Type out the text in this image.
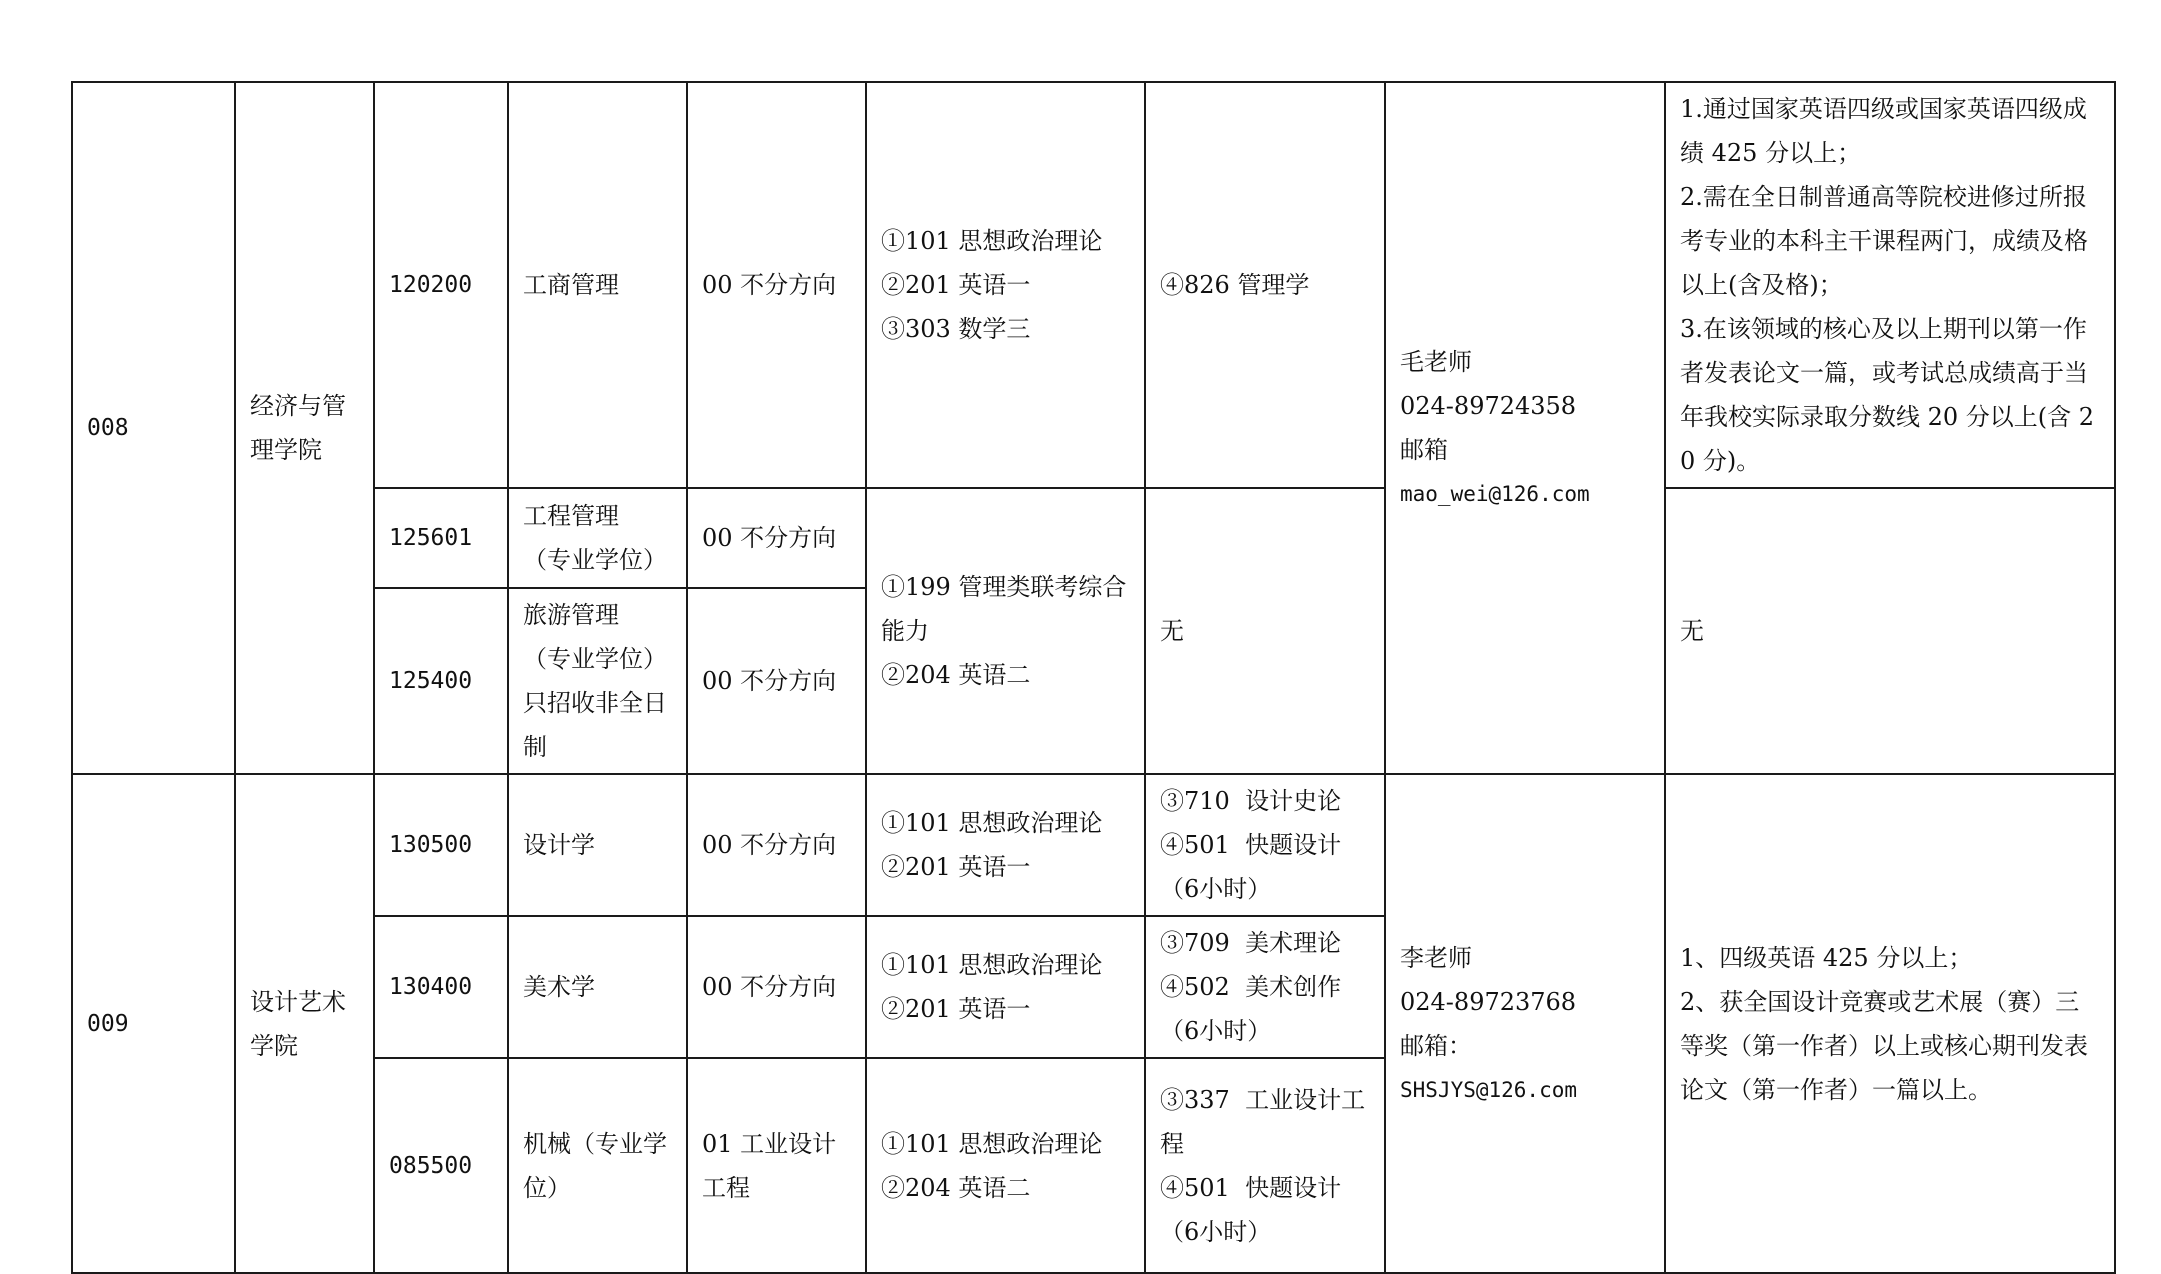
008	经济与管理学院	120200	工商管理	00 不分方向	①101 思想政治理论
②201 英语一
③303 数学三	④826 管理学	毛老师
024-89724358
邮箱
mao_wei@126.com	1.通过国家英语四级或国家英语四级成绩 425 分以上；
2.需在全日制普通高等院校进修过所报考专业的本科主干课程两门，成绩及格以上(含及格)；
3.在该领域的核心及以上期刊以第一作者发表论文一篇，或考试总成绩高于当年我校实际录取分数线 20 分以上(含 20 分)。

		125601	工程管理
（专业学位）	00 不分方向	①199 管理类联考综合能力
②204 英语二	无		无

		125400	旅游管理
（专业学位）
只招收非全日制	00 不分方向				

009	设计艺术学院	130500	设计学	00 不分方向	①101 思想政治理论
②201 英语一	③710  设计史论
④501  快题设计（6小时）	李老师
024-89723768
邮箱：
SHSJYS@126.com	1、四级英语 425 分以上；
2、获全国设计竞赛或艺术展（赛）三等奖（第一作者）以上或核心期刊发表论文（第一作者）一篇以上。

		130400	美术学	00 不分方向	①101 思想政治理论
②201 英语一	③709  美术理论
④502  美术创作（6小时）		

		085500	机械（专业学位）	01 工业设计工程	①101 思想政治理论
②204 英语二	③337  工业设计工程
④501  快题设计（6小时）		
